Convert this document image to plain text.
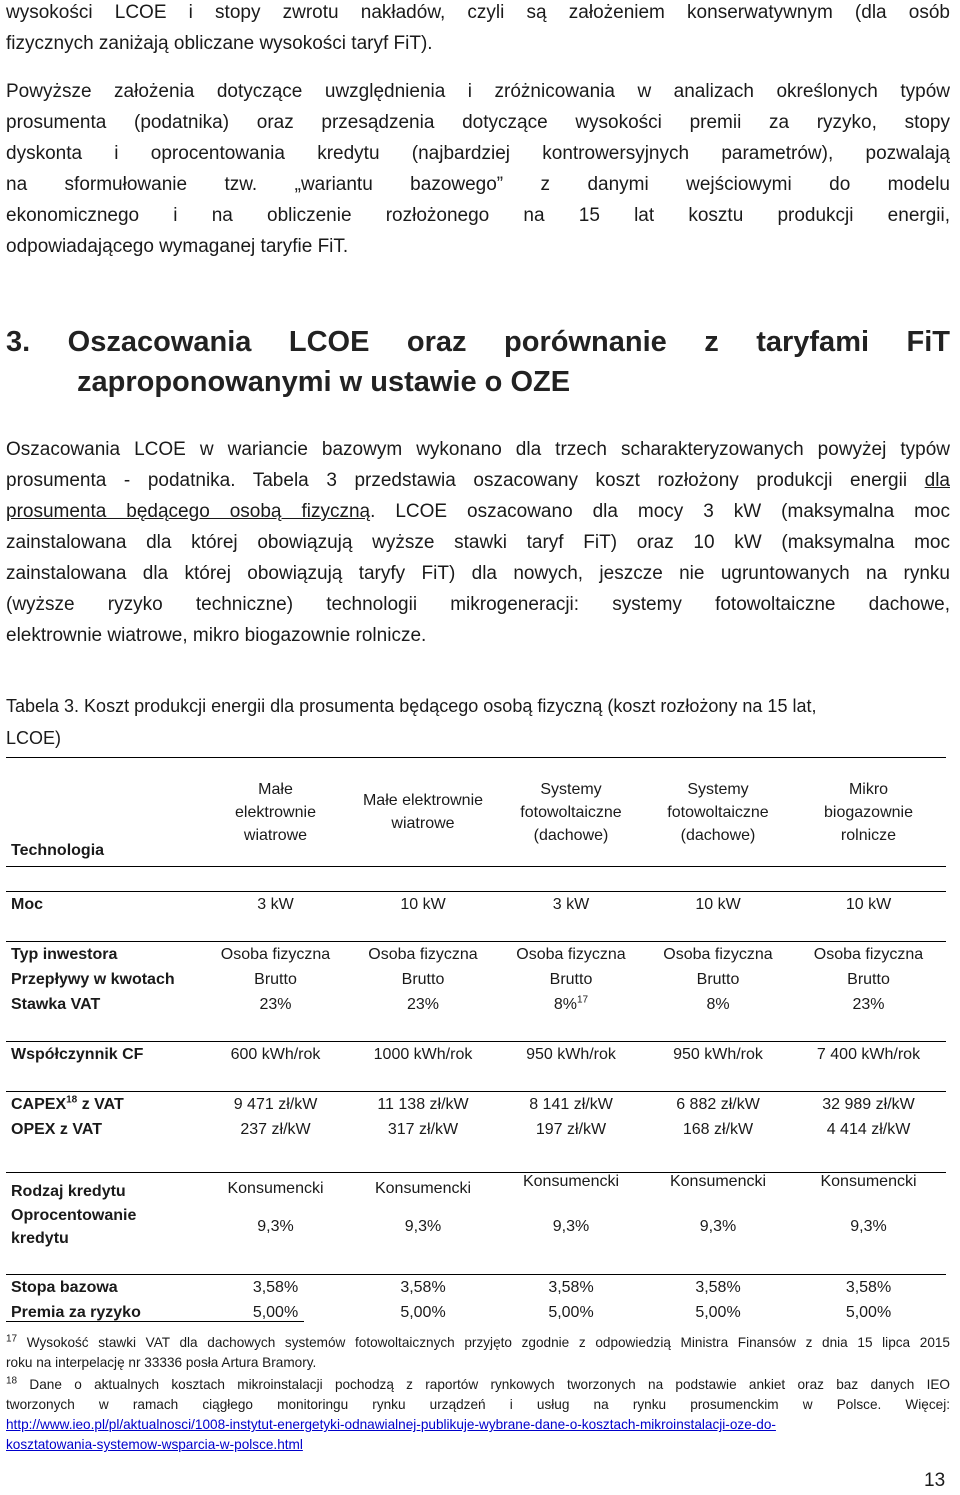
wysokości LCOE i stopy zwrotu nakładów, czyli są założeniem konserwatywnym (dla osób
fizycznych zaniżają obliczane wysokości taryf FiT).

Powyższe założenia dotyczące uwzględnienia i zróżnicowania w analizach określonych typów
prosumenta (podatnika) oraz przesądzenia dotyczące wysokości premii za ryzyko, stopy
dyskonta i oprocentowania kredytu (najbardziej kontrowersyjnych parametrów), pozwalają
na sformułowanie tzw. „wariantu bazowego” z danymi wejściowymi do modelu
ekonomicznego i na obliczenie rozłożonego na 15 lat kosztu produkcji energii,
odpowiadającego wymaganej taryfie FiT.

3. Oszacowania LCOE oraz porównanie z taryfami FiT
zaproponowanymi w ustawie o OZE

Oszacowania LCOE w wariancie bazowym wykonano dla trzech scharakteryzowanych powyżej typów
prosumenta - podatnika. Tabela 3 przedstawia oszacowany koszt rozłożony produkcji energii dla
prosumenta będącego osobą fizyczną. LCOE oszacowano dla mocy 3 kW (maksymalna moc
zainstalowana dla której obowiązują wyższe stawki taryf FiT) oraz 10 kW (maksymalna moc
zainstalowana dla której obowiązują taryfy FiT) dla nowych, jeszcze nie ugruntowanych na rynku
(wyższe ryzyko techniczne) technologii mikrogeneracji: systemy fotowoltaiczne dachowe,
elektrownie wiatrowe, mikro biogazownie rolnicze.

Tabela 3. Koszt produkcji energii dla prosumenta będącego osobą fizyczną (koszt rozłożony na 15 lat,
LCOE)

Technologia	Małe elektrownie wiatrowe	Małe elektrownie wiatrowe	Systemy fotowoltaiczne (dachowe)	Systemy fotowoltaiczne (dachowe)	Mikro biogazownie rolnicze

Moc	3 kW	10 kW	3 kW	10 kW	10 kW

Typ inwestora	Osoba fizyczna	Osoba fizyczna	Osoba fizyczna	Osoba fizyczna	Osoba fizyczna
Przepływy w kwotach	Brutto	Brutto	Brutto	Brutto	Brutto
Stawka VAT	23%	23%	8%$^{17}$	8%	23%

Współczynnik CF	600 kWh/rok	1000 kWh/rok	950 kWh/rok	950 kWh/rok	7 400 kWh/rok

CAPEX$^{18}$ z VAT	9 471 zł/kW	11 138 zł/kW	8 141 zł/kW	6 882 zł/kW	32 989 zł/kW
OPEX z VAT	237 zł/kW	317 zł/kW	197 zł/kW	168 zł/kW	4 414 zł/kW

Rodzaj kredytu	Konsumencki	Konsumencki	Konsumencki	Konsumencki	Konsumencki
Oprocentowanie kredytu	9,3%	9,3%	9,3%	9,3%	9,3%

Stopa bazowa	3,58%	3,58%	3,58%	3,58%	3,58%
Premia za ryzyko	5,00%	5,00%	5,00%	5,00%	5,00%
$^{17}$ Wysokość stawki VAT dla dachowych systemów fotowoltaicznych przyjęto zgodnie z odpowiedzią Ministra Finansów z dnia 15 lipca 2015
roku na interpelację nr 33336 posła Artura Bramory.
$^{18}$ Dane o aktualnych kosztach mikroinstalacji pochodzą z raportów rynkowych tworzonych na podstawie ankiet oraz baz danych IEO
tworzonych w ramach ciągłego monitoringu rynku urządzeń i usług na rynku prosumenckim w Polsce. Więcej:
http://www.ieo.pl/pl/aktualnosci/1008-instytut-energetyki-odnawialnej-publikuje-wybrane-dane-o-kosztach-mikroinstalacji-oze-do-
kosztatowania-systemow-wsparcia-w-polsce.html
13
